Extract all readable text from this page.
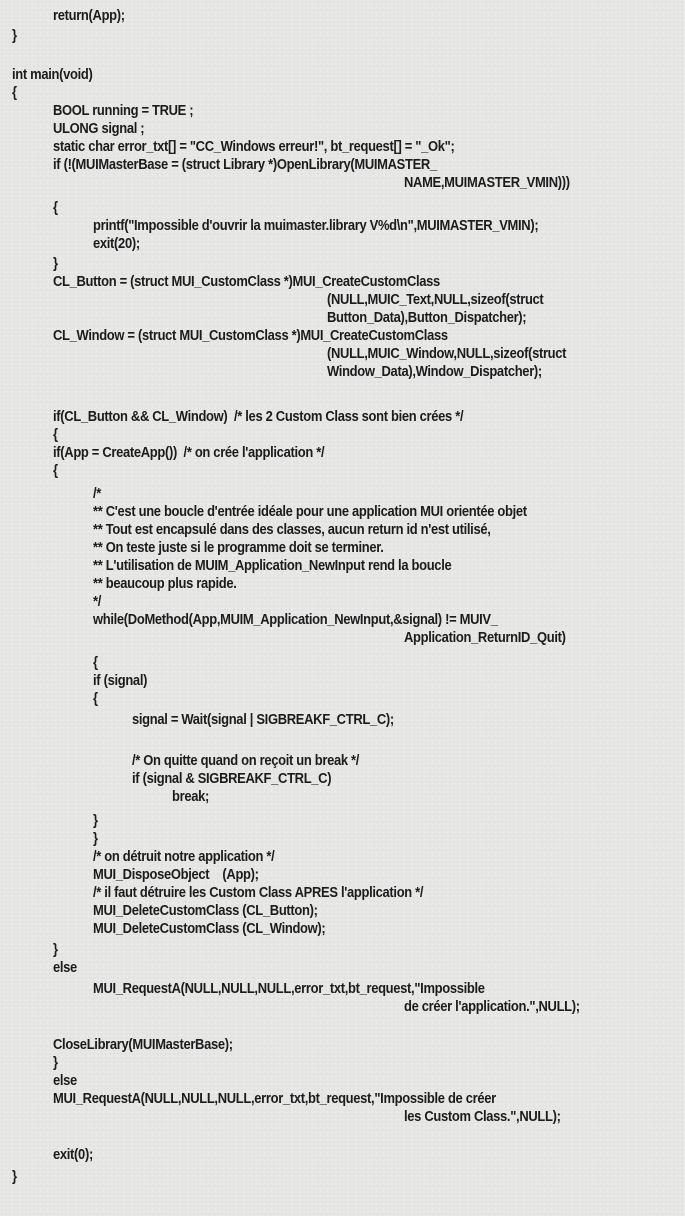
return(App);

}

int main(void)

{

BOOL running = TRUE ;

ULONG signal ;

static char error_txt[] = "CC_Windows erreur!", bt_request[] = "_Ok";

if (!(MUIMasterBase = (struct Library *)OpenLibrary(MUIMASTER_

NAME,MUIMASTER_VMIN)))

{

printf("Impossible d'ouvrir la muimaster.library V%d\n",MUIMASTER_VMIN);

exit(20);

}

CL_Button = (struct MUI_CustomClass *)MUI_CreateCustomClass

(NULL,MUIC_Text,NULL,sizeof(struct

Button_Data),Button_Dispatcher);

CL_Window = (struct MUI_CustomClass *)MUI_CreateCustomClass

(NULL,MUIC_Window,NULL,sizeof(struct

Window_Data),Window_Dispatcher);

if(CL_Button && CL_Window)  /* les 2 Custom Class sont bien crées */

{

if(App = CreateApp())  /* on crée l'application */

{

/*

** C'est une boucle d'entrée idéale pour une application MUI orientée objet

** Tout est encapsulé dans des classes, aucun return id n'est utilisé,

** On teste juste si le programme doit se terminer.

** L'utilisation de MUIM_Application_NewInput rend la boucle

** beaucoup plus rapide.

*/

while(DoMethod(App,MUIM_Application_NewInput,&signal) != MUIV_

Application_ReturnID_Quit)

{

if (signal)

{

signal = Wait(signal | SIGBREAKF_CTRL_C);

/* On quitte quand on reçoit un break */

if (signal & SIGBREAKF_CTRL_C)

break;

}

}

/* on détruit notre application */

MUI_DisposeObject    (App);

/* il faut détruire les Custom Class APRES l'application */

MUI_DeleteCustomClass (CL_Button);

MUI_DeleteCustomClass (CL_Window);

}

else

MUI_RequestA(NULL,NULL,NULL,error_txt,bt_request,"Impossible

de créer l'application.",NULL);

CloseLibrary(MUIMasterBase);

}

else

MUI_RequestA(NULL,NULL,NULL,error_txt,bt_request,"Impossible de créer

les Custom Class.",NULL);

exit(0);

}
